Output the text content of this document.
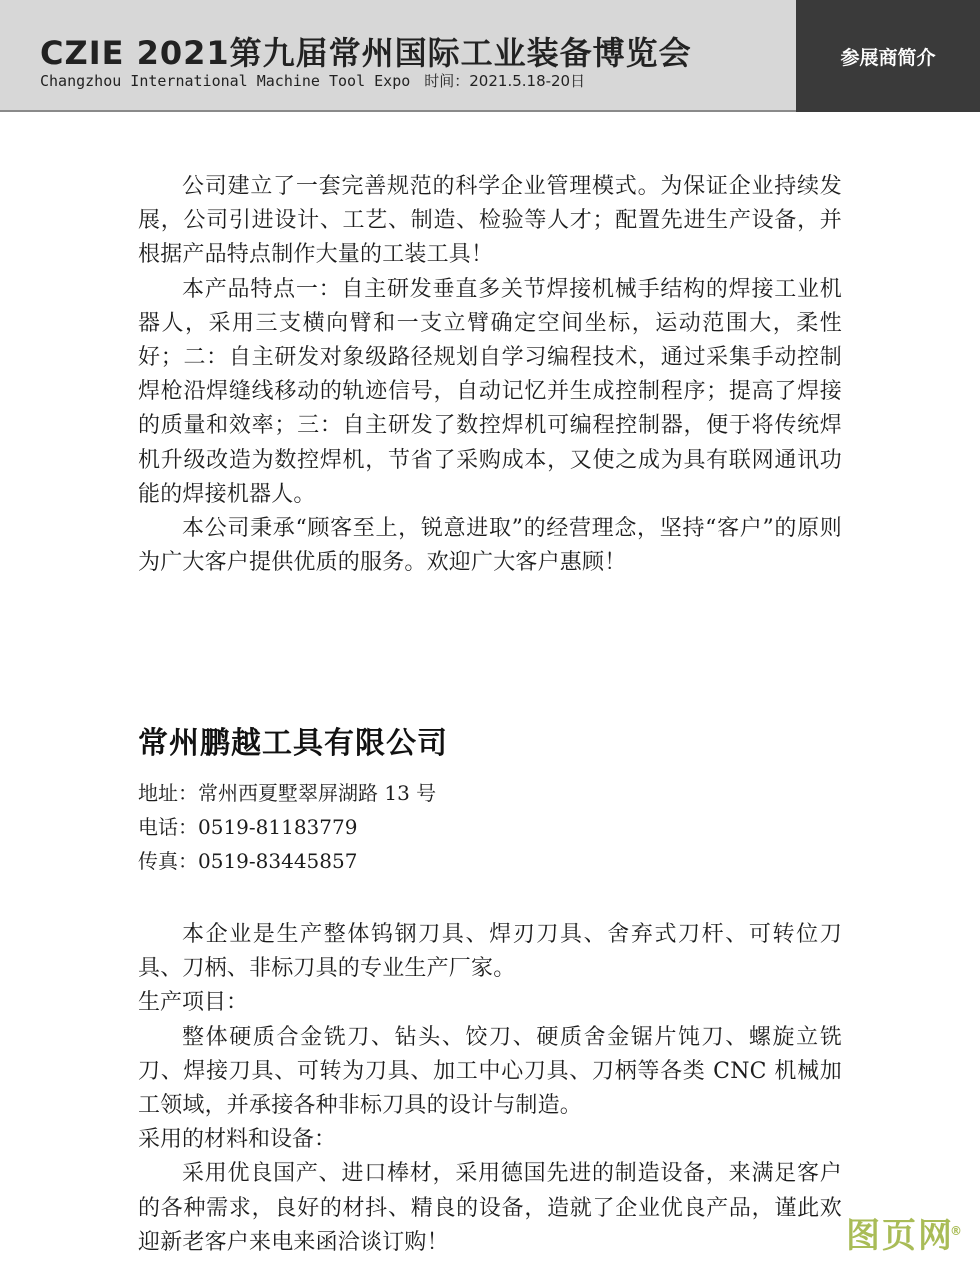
CZIE 2021第九届常州国际工业装备博览会
Changzhou International Machine Tool Expo 时间：2021.5.18-20日
参展商简介

公司建立了一套完善规范的科学企业管理模式。为保证企业持续发展，公司引进设计、工艺、制造、检验等人才；配置先进生产设备，并根据产品特点制作大量的工装工具！

本产品特点一：自主研发垂直多关节焊接机械手结构的焊接工业机器人，采用三支横向臂和一支立臂确定空间坐标，运动范围大，柔性好；二：自主研发对象级路径规划自学习编程技术，通过采集手动控制焊枪沿焊缝线移动的轨迹信号，自动记忆并生成控制程序；提高了焊接的质量和效率；三：自主研发了数控焊机可编程控制器，便于将传统焊机升级改造为数控焊机，节省了采购成本，又使之成为具有联网通讯功能的焊接机器人。

本公司秉承“顾客至上，锐意进取”的经营理念，坚持“客户”的原则为广大客户提供优质的服务。欢迎广大客户惠顾！

常州鹏越工具有限公司
地址：常州西夏墅翠屏湖路 13 号
电话：0519-81183779
传真：0519-83445857

本企业是生产整体钨钢刀具、焊刃刀具、舍弃式刀杆、可转位刀具、刀柄、非标刀具的专业生产厂家。

生产项目：

整体硬质合金铣刀、钻头、饺刀、硬质舍金锯片饨刀、螺旋立铣刀、焊接刀具、可转为刀具、加工中心刀具、刀柄等各类 CNC 机械加工领域，并承接各种非标刀具的设计与制造。

采用的材料和设备：

采用优良国产、进口棒材，采用德国先进的制造设备，来满足客户的各种需求，良好的材抖、精良的设备，造就了企业优良产品，谨此欢迎新老客户来电来函洽谈订购！	图页网®
